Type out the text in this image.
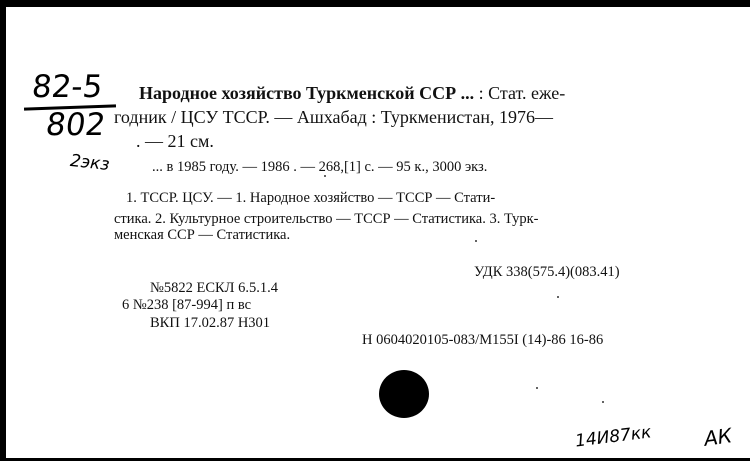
82-5
802
2экз
Народное хозяйство Туркменской ССР ... : Стат. еже-
годник / ЦСУ ТССР. — Ашхабад : Туркменистан, 1976—
. — 21 см.
... в 1985 году. — 1986 . — 268,[1] с. — 95 к., 3000 экз.
1. ТССР. ЦСУ. — 1. Народное хозяйство — ТССР — Стати-
стика. 2. Культурное строительство — ТССР — Статистика. 3. Турк-
менская ССР — Статистика.
УДК 338(575.4)(083.41)
№5822 ЕСКЛ 6.5.1.4
6 №238 [87-994] п вс
ВКП 17.02.87 Н301
Н 0604020105-083/М155І (14)-86 16-86
14И87кк	АК
